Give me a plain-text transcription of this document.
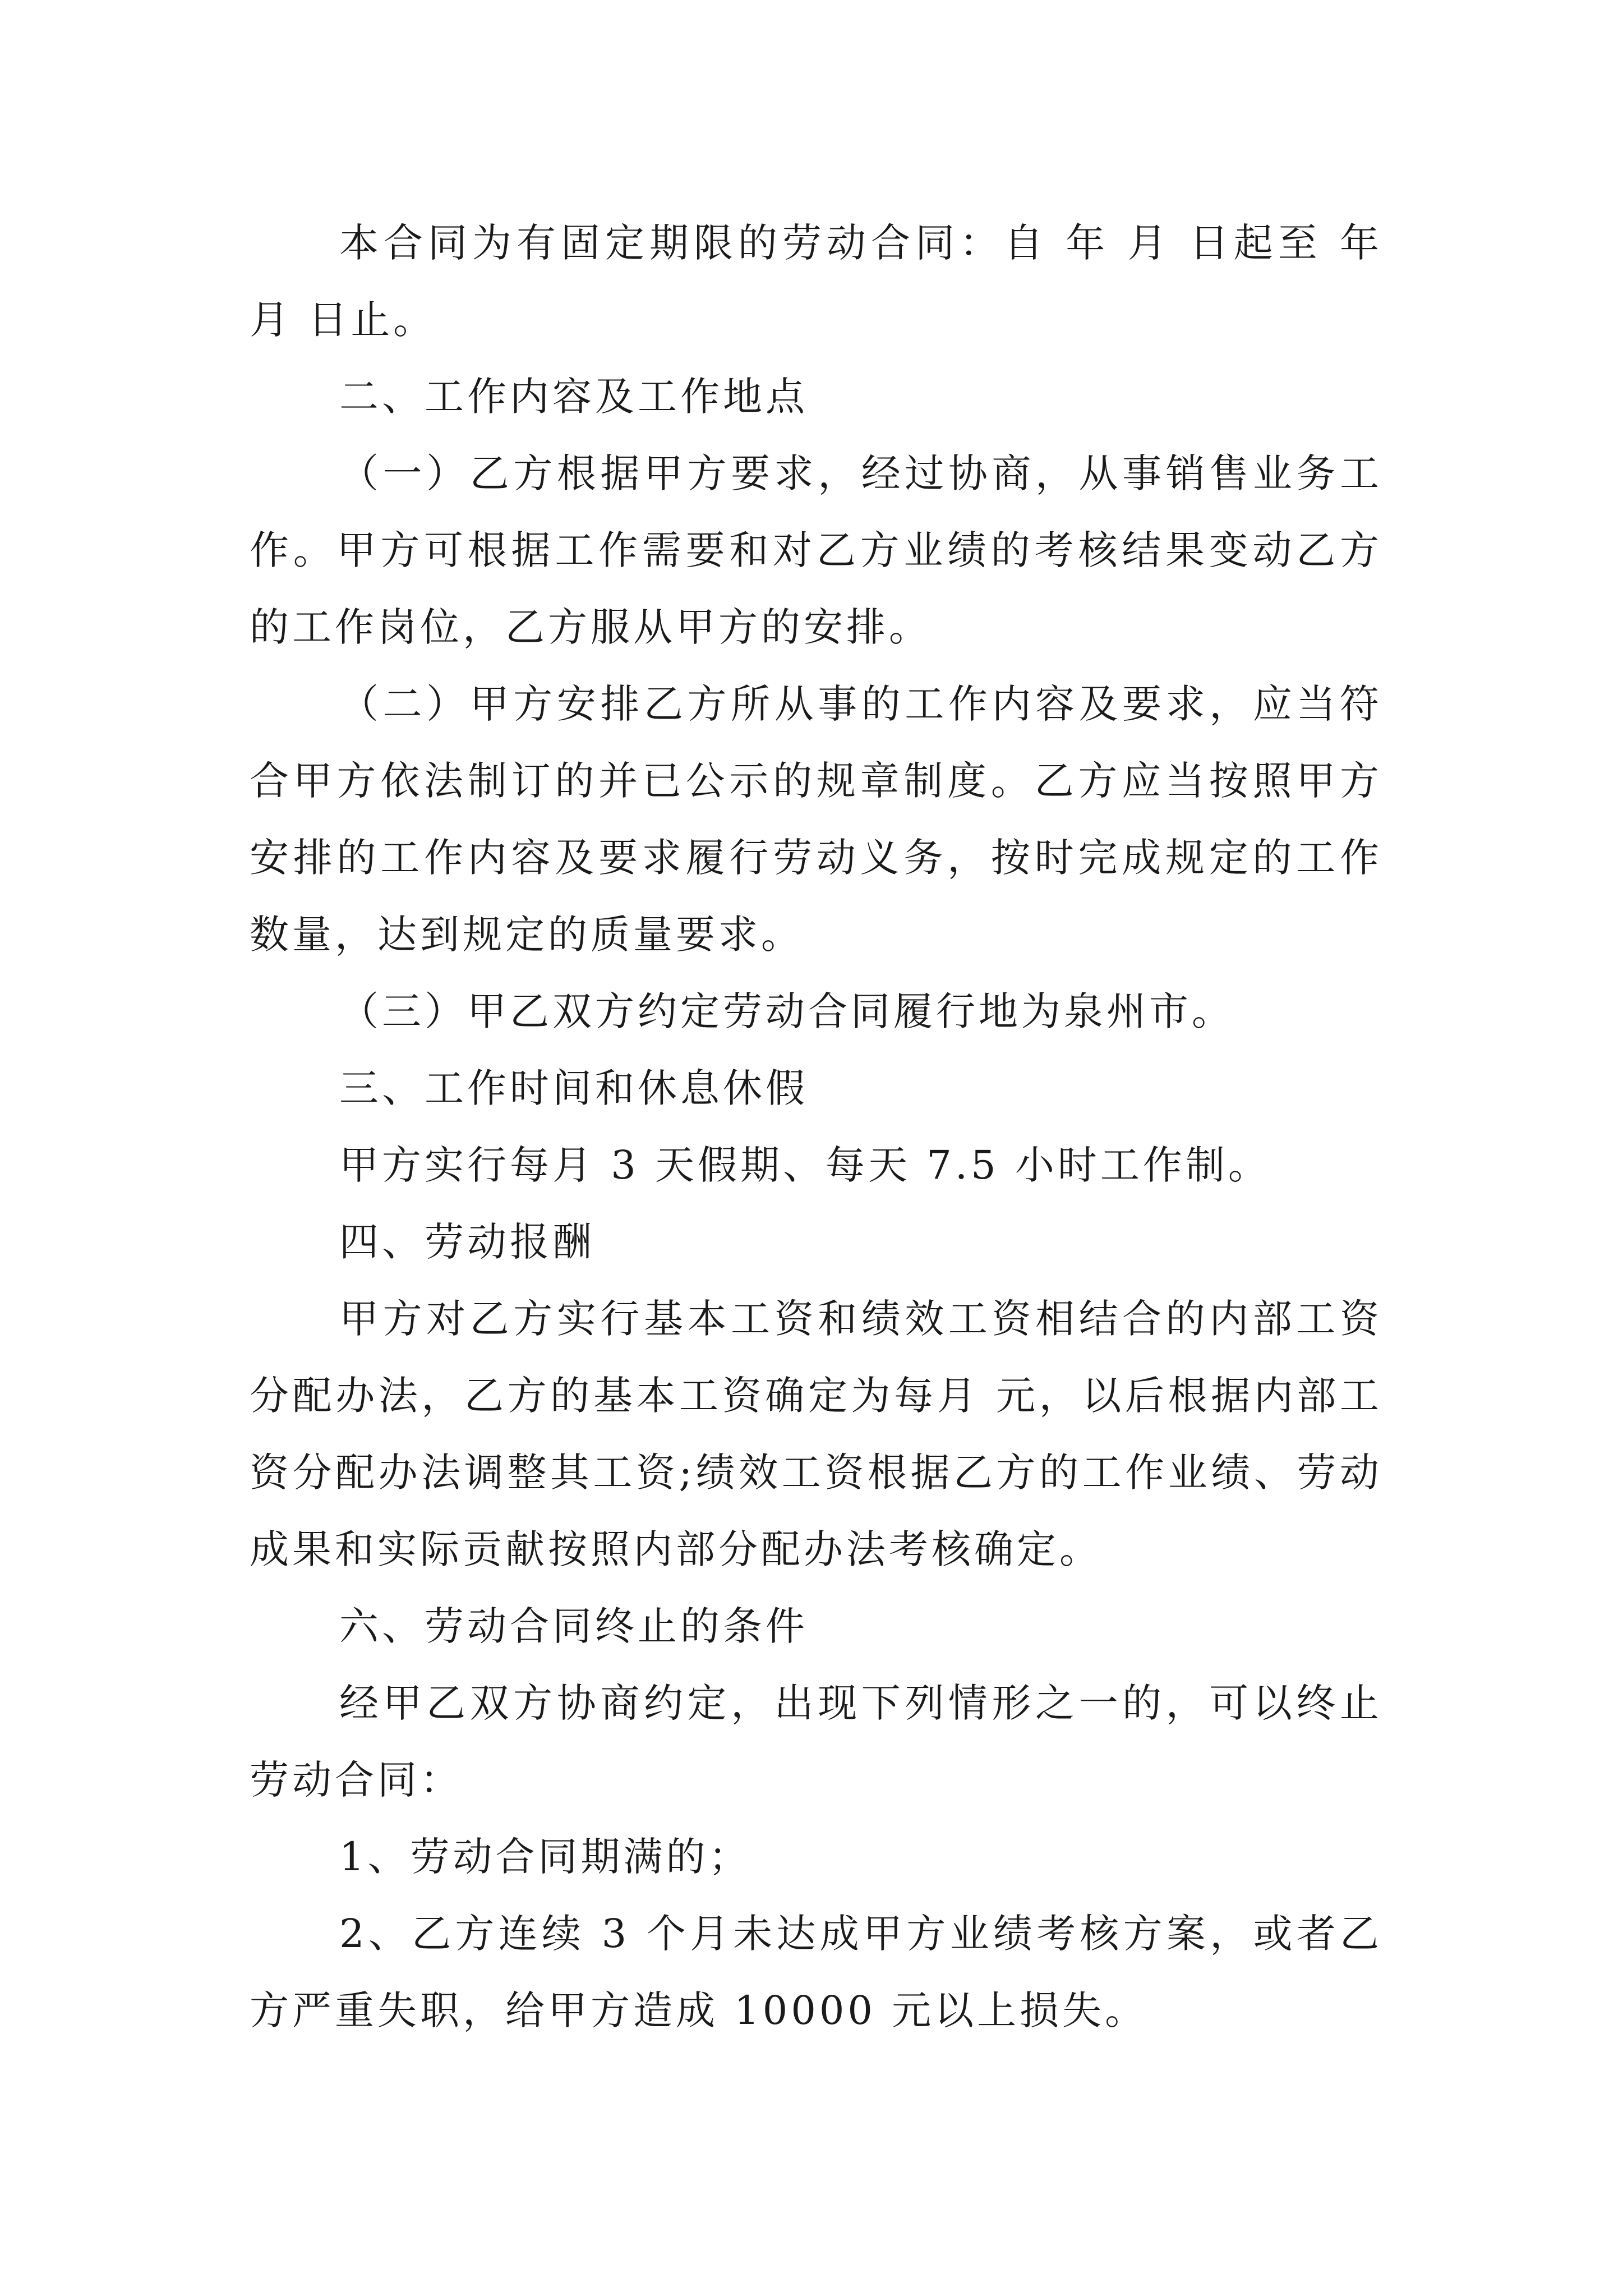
本合同为有固定期限的劳动合同：自 年 月 日起至 年月 日止。

二、工作内容及工作地点

（一）乙方根据甲方要求，经过协商，从事销售业务工作。甲方可根据工作需要和对乙方业绩的考核结果变动乙方的工作岗位，乙方服从甲方的安排。

（二）甲方安排乙方所从事的工作内容及要求，应当符合甲方依法制订的并已公示的规章制度。乙方应当按照甲方安排的工作内容及要求履行劳动义务，按时完成规定的工作数量，达到规定的质量要求。

（三）甲乙双方约定劳动合同履行地为泉州市。

三、工作时间和休息休假

甲方实行每月 3 天假期、每天 7.5 小时工作制。

四、劳动报酬

甲方对乙方实行基本工资和绩效工资相结合的内部工资分配办法，乙方的基本工资确定为每月 元，以后根据内部工资分配办法调整其工资;绩效工资根据乙方的工作业绩、劳动成果和实际贡献按照内部分配办法考核确定。

六、劳动合同终止的条件

经甲乙双方协商约定，出现下列情形之一的，可以终止劳动合同：

1、劳动合同期满的；

2、乙方连续 3 个月未达成甲方业绩考核方案，或者乙方严重失职，给甲方造成 10000 元以上损失。
